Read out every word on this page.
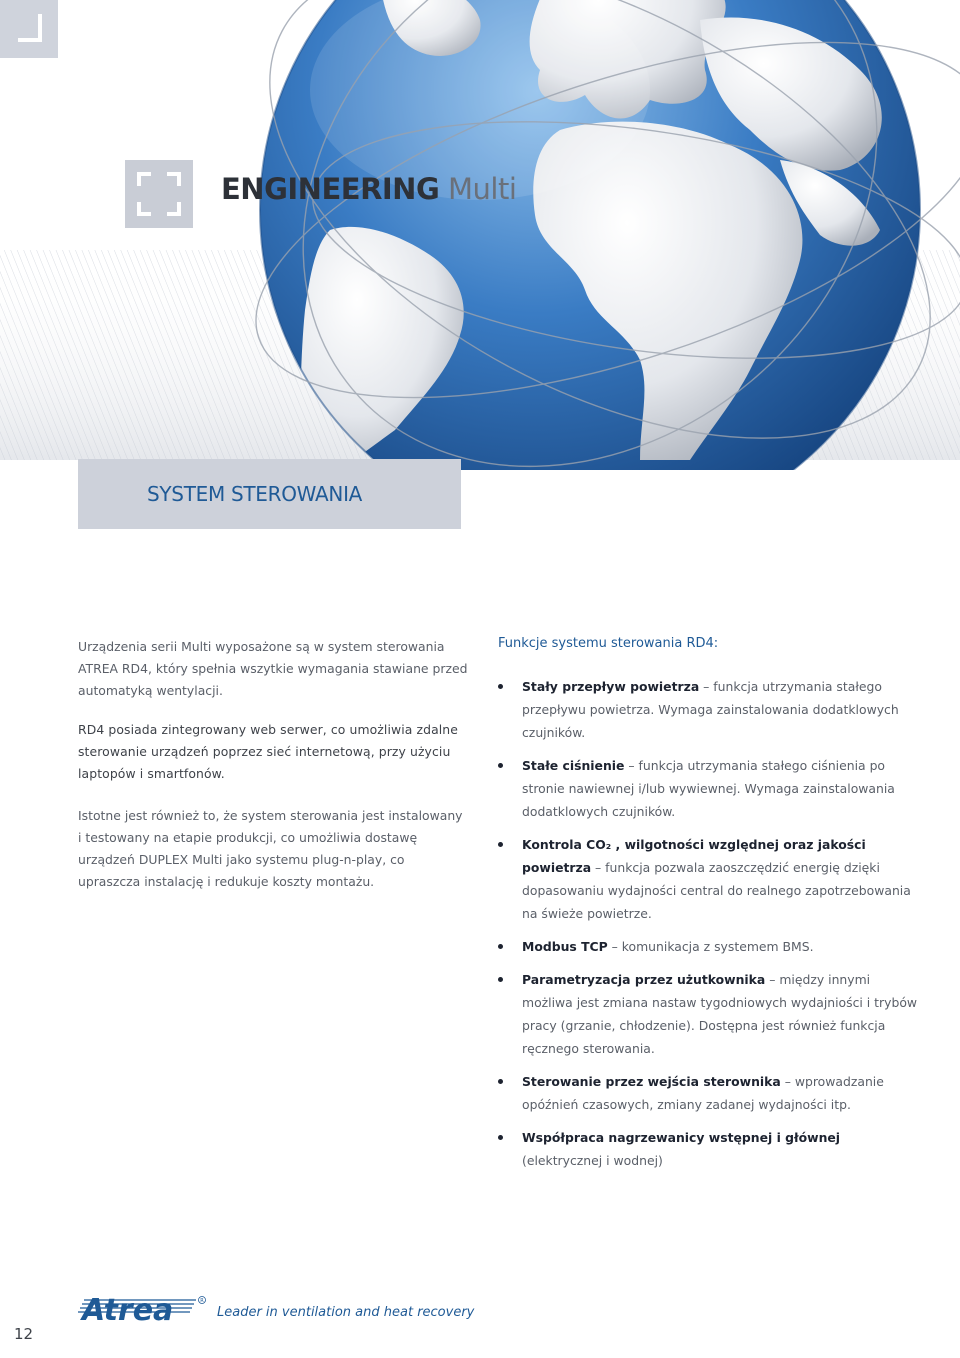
ENGINEERING Multi
SYSTEM STEROWANIA

Urządzenia serii Multi wyposażone są w system sterowania ATREA RD4, który spełnia wszytkie wymagania stawiane przed automatyką wentylacji.

RD4 posiada zintegrowany web serwer, co umożliwia zdalne sterowanie urządzeń poprzez sieć internetową, przy użyciu laptopów i smartfonów.

Istotne jest również to, że system sterowania jest instalowany i testowany na etapie produkcji, co umożliwia dostawę urządzeń DUPLEX Multi jako systemu plug-n-play, co upraszcza instalację i redukuje koszty montażu.

Funkcje systemu sterowania RD4:

Stały przepływ powietrza – funkcja utrzymania stałego przepływu powietrza. Wymaga zainstalowania dodatklowych czujników.
Stałe ciśnienie – funkcja utrzymania stałego ciśnienia po stronie nawiewnej i/lub wywiewnej. Wymaga zainstalowania dodatklowych czujników.
Kontrola CO₂ , wilgotności względnej oraz jakości powietrza – funkcja pozwala zaoszczędzić energię dzięki dopasowaniu wydajności central do realnego zapotrzebowania na świeże powietrze.
Modbus TCP – komunikacja z systemem BMS.
Parametryzacja przez użutkownika – między innymi możliwa jest zmiana nastaw tygodniowych wydajniości i trybów pracy (grzanie, chłodzenie). Dostępna jest również funkcja ręcznego sterowania.
Sterowanie przez wejścia sterownika – wprowadzanie opóźnień czasowych, zmiany zadanej wydajności itp.
Współpraca nagrzewanicy wstępnej i głównej (elektrycznej i wodnej)
Atrea	R
Leader in ventilation and heat recovery
12
